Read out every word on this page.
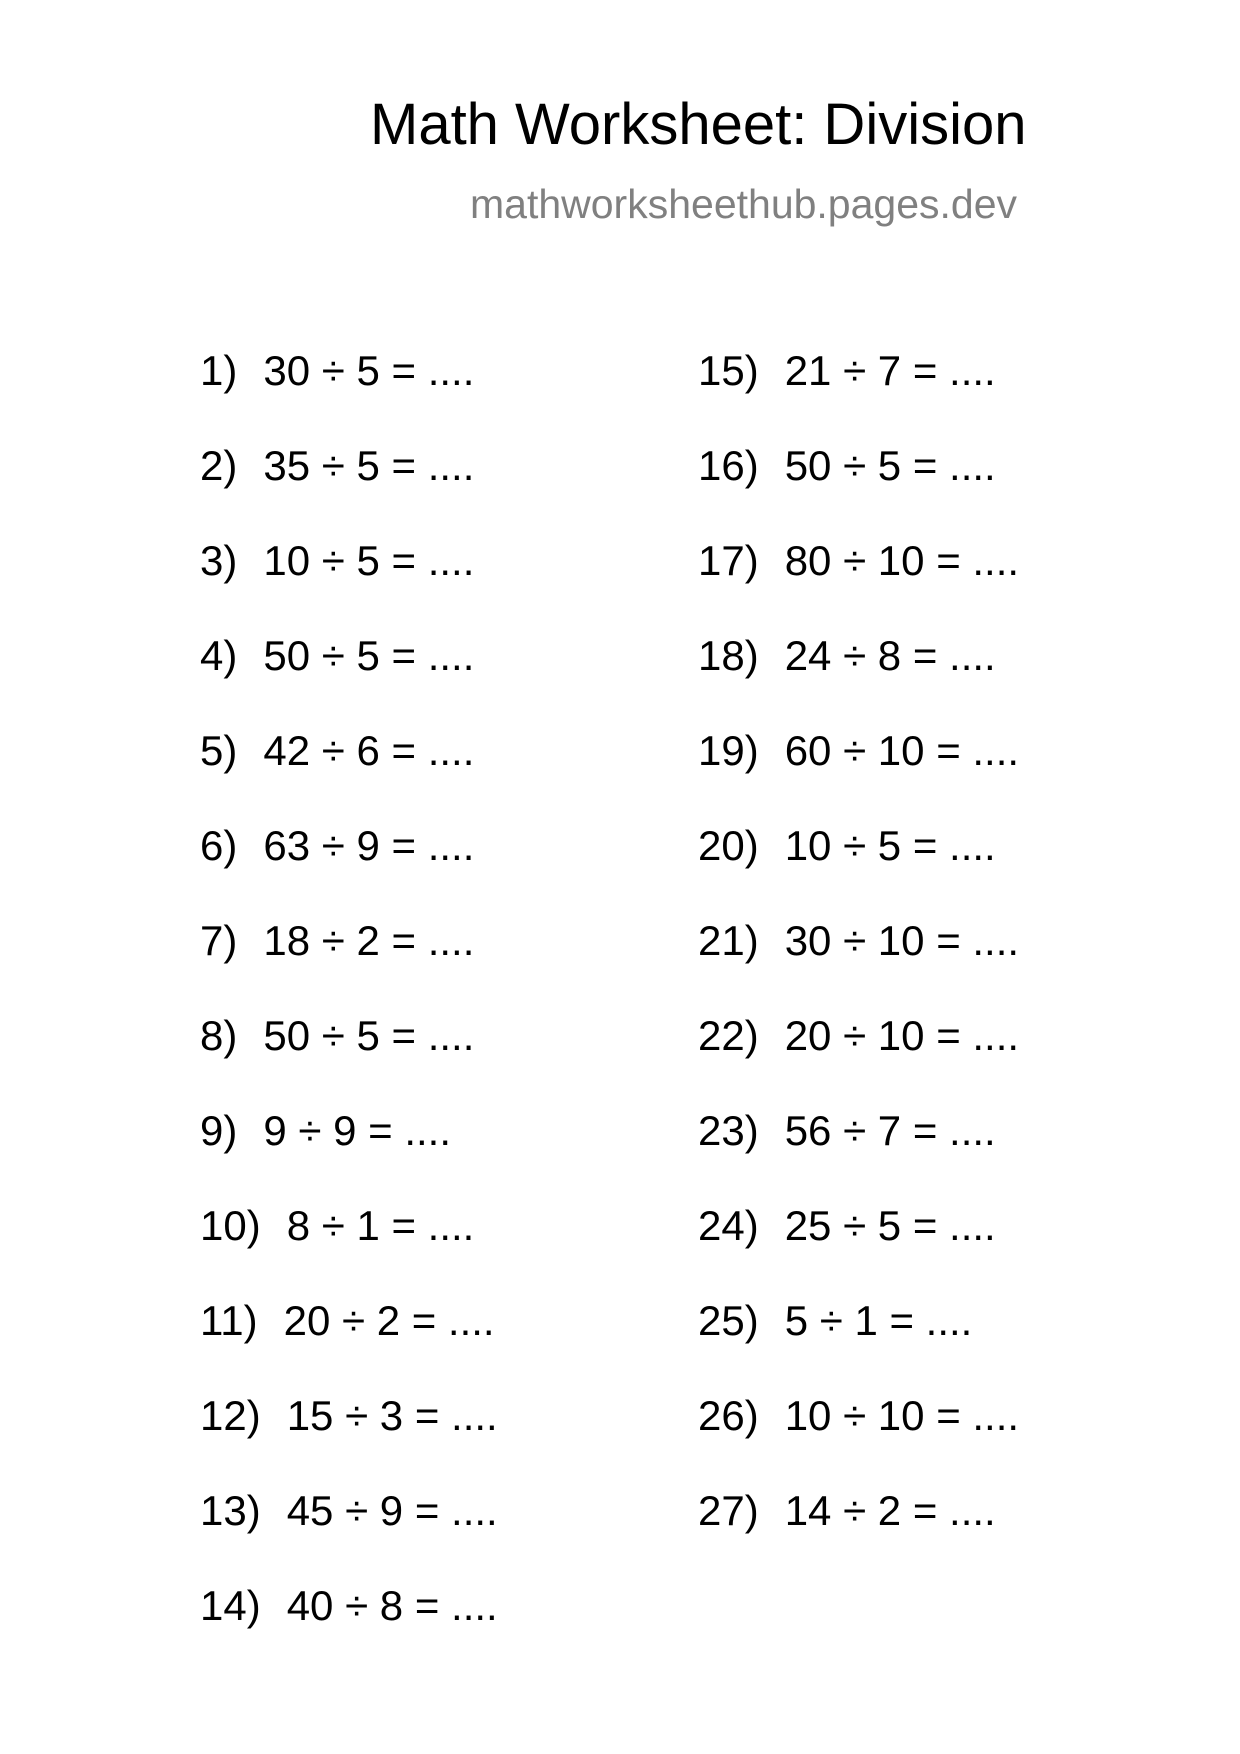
Math Worksheet: Division
mathworksheethub.pages.dev
1) 30 ÷ 5 = ....
2) 35 ÷ 5 = ....
3) 10 ÷ 5 = ....
4) 50 ÷ 5 = ....
5) 42 ÷ 6 = ....
6) 63 ÷ 9 = ....
7) 18 ÷ 2 = ....
8) 50 ÷ 5 = ....
9) 9 ÷ 9 = ....
10) 8 ÷ 1 = ....
11) 20 ÷ 2 = ....
12) 15 ÷ 3 = ....
13) 45 ÷ 9 = ....
14) 40 ÷ 8 = ....
15) 21 ÷ 7 = ....
16) 50 ÷ 5 = ....
17) 80 ÷ 10 = ....
18) 24 ÷ 8 = ....
19) 60 ÷ 10 = ....
20) 10 ÷ 5 = ....
21) 30 ÷ 10 = ....
22) 20 ÷ 10 = ....
23) 56 ÷ 7 = ....
24) 25 ÷ 5 = ....
25) 5 ÷ 1 = ....
26) 10 ÷ 10 = ....
27) 14 ÷ 2 = ....
